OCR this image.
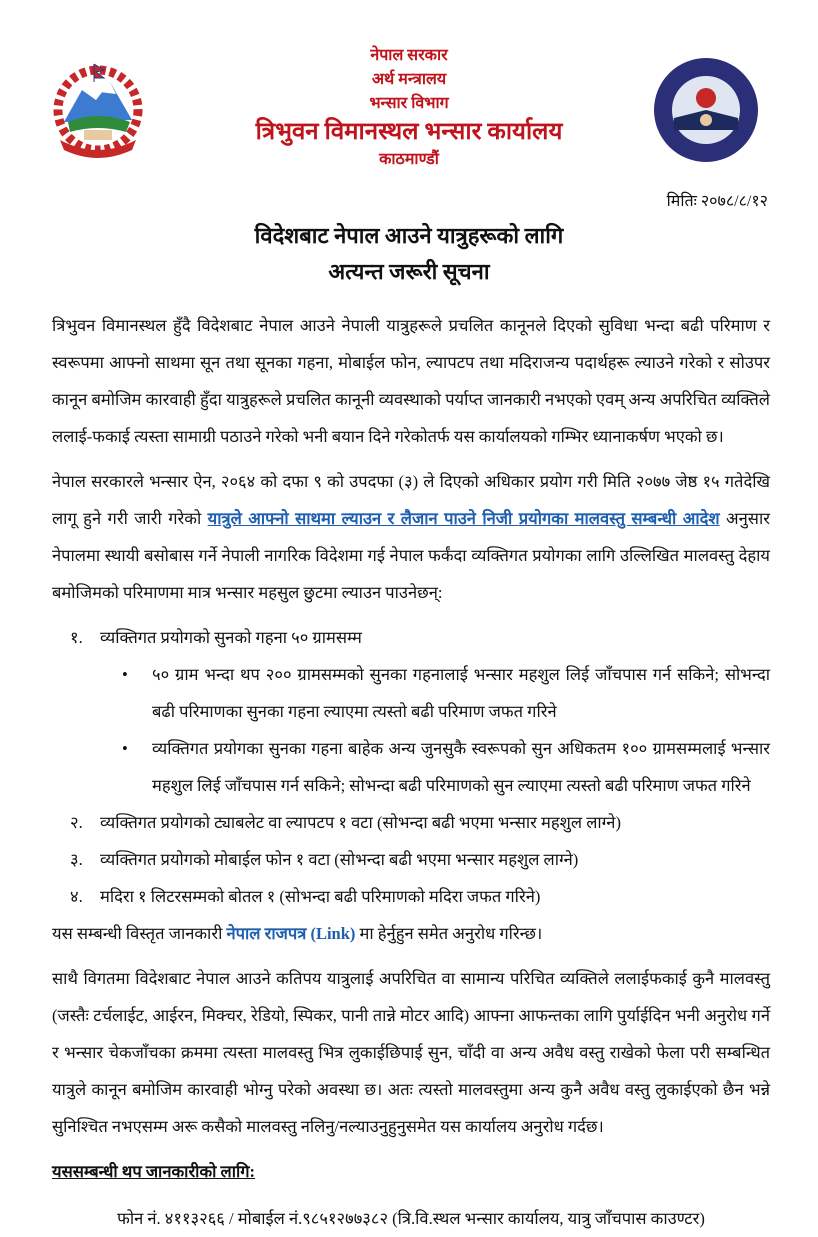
नेपाल सरकार
अर्थ मन्त्रालय
भन्सार विभाग
त्रिभुवन विमानस्थल भन्सार कार्यालय
काठमाण्डौं
मितिः २०७८/८/१२
विदेशबाट नेपाल आउने यात्रुहरूको लागि
अत्यन्त जरूरी सूचना

त्रिभुवन विमानस्थल हुँदै विदेशबाट नेपाल आउने नेपाली यात्रुहरूले प्रचलित कानूनले दिएको सुविधा भन्दा बढी परिमाण र स्वरूपमा आफ्नो साथमा सून तथा सूनका गहना, मोबाईल फोन, ल्यापटप तथा मदिराजन्य पदार्थहरू ल्याउने गरेको र सोउपर कानून बमोजिम कारवाही हुँदा यात्रुहरूले प्रचलित कानूनी व्यवस्थाको पर्याप्त जानकारी नभएको एवम् अन्य अपरिचित व्यक्तिले ललाई-फकाई त्यस्ता सामाग्री पठाउने गरेको भनी बयान दिने गरेकोतर्फ यस कार्यालयको गम्भिर ध्यानाकर्षण भएको छ।

नेपाल सरकारले भन्सार ऐन, २०६४ को दफा ९ को उपदफा (३) ले दिएको अधिकार प्रयोग गरी मिति २०७७ जेष्ठ १५ गतेदेखि लागू हुने गरी जारी गरेको यात्रुले आफ्नो साथमा ल्याउन र लैजान पाउने निजी प्रयोगका मालवस्तु सम्बन्धी आदेश अनुसार नेपालमा स्थायी बसोबास गर्ने नेपाली नागरिक विदेशमा गई नेपाल फर्कंदा व्यक्तिगत प्रयोगका लागि उल्लिखित मालवस्तु देहाय बमोजिमको परिमाणमा मात्र भन्सार महसुल छुटमा ल्याउन पाउनेछन्:

१. व्यक्तिगत प्रयोगको सुनको गहना ५० ग्रामसम्म
• ५० ग्राम भन्दा थप २०० ग्रामसम्मको सुनका गहनालाई भन्सार महशुल लिई जाँचपास गर्न सकिने; सोभन्दा बढी परिमाणका सुनका गहना ल्याएमा त्यस्तो बढी परिमाण जफत गरिने
• व्यक्तिगत प्रयोगका सुनका गहना बाहेक अन्य जुनसुकै स्वरूपको सुन अधिकतम १०० ग्रामसम्मलाई भन्सार महशुल लिई जाँचपास गर्न सकिने; सोभन्दा बढी परिमाणको सुन ल्याएमा त्यस्तो बढी परिमाण जफत गरिने
२. व्यक्तिगत प्रयोगको ट्याबलेट वा ल्यापटप १ वटा (सोभन्दा बढी भएमा भन्सार महशुल लाग्ने)
३. व्यक्तिगत प्रयोगको मोबाईल फोन १ वटा (सोभन्दा बढी भएमा भन्सार महशुल लाग्ने)
४. मदिरा १ लिटरसम्मको बोतल १ (सोभन्दा बढी परिमाणको मदिरा जफत गरिने)

यस सम्बन्धी विस्तृत जानकारी नेपाल राजपत्र (Link) मा हेर्नुहुन समेत अनुरोध गरिन्छ।

साथै विगतमा विदेशबाट नेपाल आउने कतिपय यात्रुलाई अपरिचित वा सामान्य परिचित व्यक्तिले ललाईफकाई कुनै मालवस्तु (जस्तैः टर्चलाईट, आईरन, मिक्चर, रेडियो, स्पिकर, पानी तान्ने मोटर आदि) आफ्ना आफन्तका लागि पुर्याईदिन भनी अनुरोध गर्ने र भन्सार चेकजाँचका क्रममा त्यस्ता मालवस्तु भित्र लुकाईछिपाई सुन, चाँदी वा अन्य अवैध वस्तु राखेको फेला परी सम्बन्धित यात्रुले कानून बमोजिम कारवाही भोग्नु परेको अवस्था छ। अतः त्यस्तो मालवस्तुमा अन्य कुनै अवैध वस्तु लुकाईएको छैन भन्ने सुनिश्चित नभएसम्म अरू कसैको मालवस्तु नलिनु/नल्याउनुहुनुसमेत यस कार्यालय अनुरोध गर्दछ।

यससम्बन्धी थप जानकारीको लागि:
फोन नं. ४११३२६६ / मोबाईल नं.९८५१२७७३८२ (त्रि.वि.स्थल भन्सार कार्यालय, यात्रु जाँचपास काउण्टर)
